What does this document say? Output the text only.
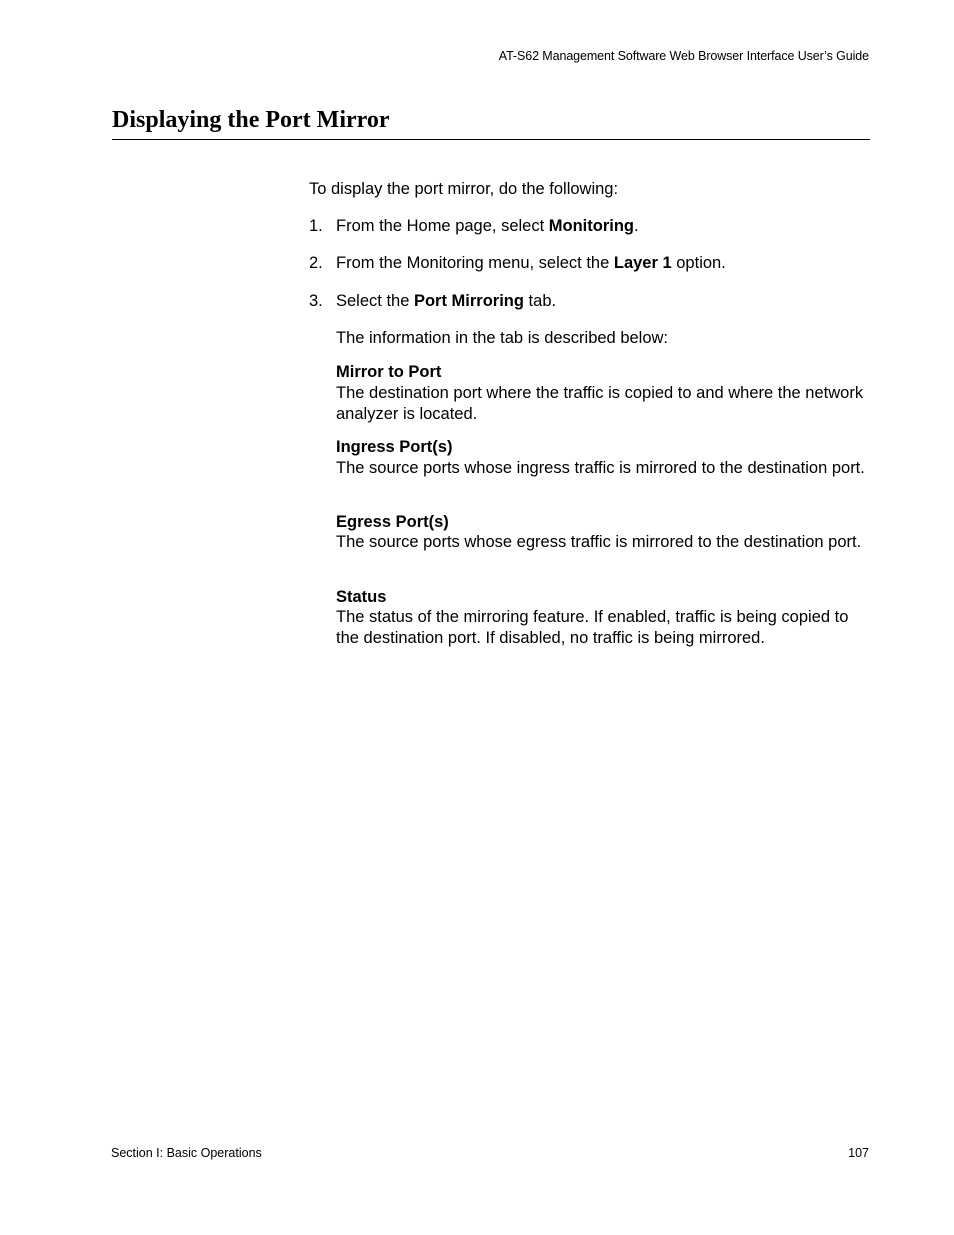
AT-S62 Management Software Web Browser Interface User’s Guide
Displaying the Port Mirror
To display the port mirror, do the following:
1. From the Home page, select Monitoring.
2. From the Monitoring menu, select the Layer 1 option.
3. Select the Port Mirroring tab.
The information in the tab is described below:
Mirror to Port
The destination port where the traffic is copied to and where the network analyzer is located.
Ingress Port(s)
The source ports whose ingress traffic is mirrored to the destination port.
Egress Port(s)
The source ports whose egress traffic is mirrored to the destination port.
Status
The status of the mirroring feature. If enabled, traffic is being copied to the destination port. If disabled, no traffic is being mirrored.
Section I: Basic Operations	107
